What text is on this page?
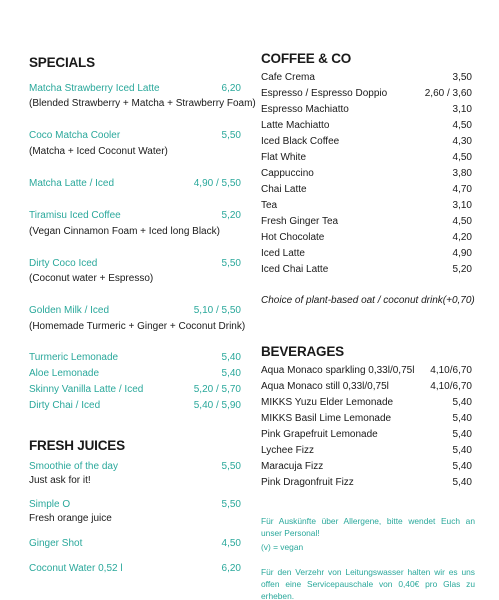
SPECIALS
Matcha Strawberry Iced Latte	6,20
(Blended Strawberry + Matcha + Strawberry Foam)
Coco Matcha Cooler	5,50
(Matcha + Iced Coconut Water)
Matcha Latte / Iced	4,90 / 5,50
Tiramisu Iced Coffee	5,20
(Vegan Cinnamon Foam + Iced long Black)
Dirty Coco Iced	5,50
(Coconut water + Espresso)
Golden Milk / Iced	5,10 / 5,50
(Homemade Turmeric + Ginger + Coconut Drink)
Turmeric Lemonade	5,40
Aloe Lemonade	5,40
Skinny Vanilla Latte / Iced	5,20 / 5,70
Dirty Chai / Iced	5,40 / 5,90
FRESH JUICES
Smoothie of the day	5,50
Just ask for it!
Simple O	5,50
Fresh orange juice
Ginger Shot	4,50
Coconut Water 0,52 l	6,20
COFFEE & CO
Cafe Crema	3,50
Espresso / Espresso Doppio	2,60 / 3,60
Espresso Machiatto	3,10
Latte Machiatto	4,50
Iced Black Coffee	4,30
Flat White	4,50
Cappuccino	3,80
Chai Latte	4,70
Tea	3,10
Fresh Ginger Tea	4,50
Hot Chocolate	4,20
Iced Latte	4,90
Iced Chai Latte	5,20
Choice of plant-based oat / coconut drink (+0,70)
BEVERAGES
Aqua Monaco sparkling 0,33l/0,75l 4,10/6,70
Aqua Monaco still 0,33l/0,75l	4,10/6,70
MIKKS Yuzu Elder Lemonade	5,40
MIKKS Basil Lime Lemonade	5,40
Pink Grapefruit Lemonade	5,40
Lychee Fizz	5,40
Maracuja Fizz	5,40
Pink Dragonfruit Fizz	5,40
Für Auskünfte über Allergene, bitte wendet Euch an unser Personal!
(v) = vegan
Für den Verzehr von Leitungswasser halten wir es uns offen eine Servicepauschale von 0,40€ pro Glas zu erheben.
